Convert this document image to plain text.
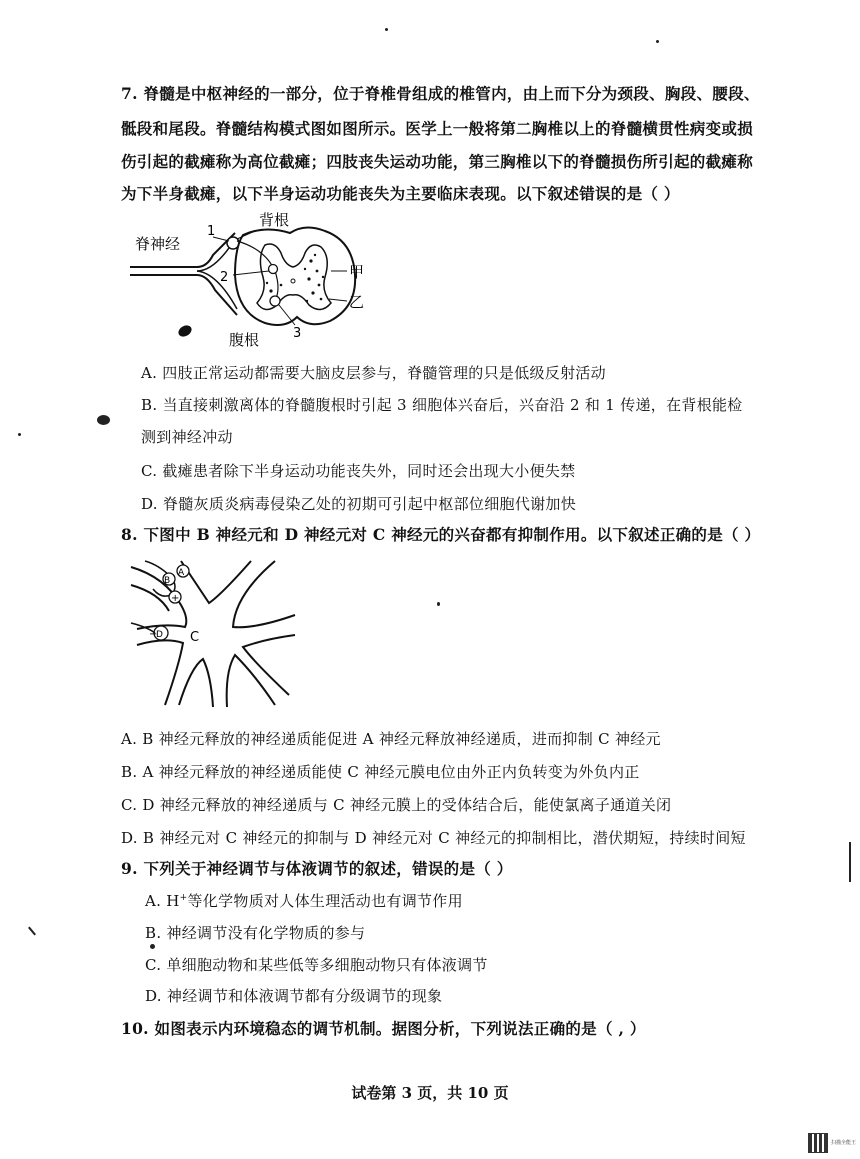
7. 脊髓是中枢神经的一部分，位于脊椎骨组成的椎管内，由上而下分为颈段、胸段、腰段、
骶段和尾段。脊髓结构模式图如图所示。医学上一般将第二胸椎以上的脊髓横贯性病变或损
伤引起的截瘫称为高位截瘫；四肢丧失运动功能，第三胸椎以下的脊髓损伤所引起的截瘫称
为下半身截瘫，以下半身运动功能丧失为主要临床表现。以下叙述错误的是（ ）
脊神经
背根
腹根
甲
乙
1
2
3
A. 四肢正常运动都需要大脑皮层参与，脊髓管理的只是低级反射活动
B. 当直接刺激离体的脊髓腹根时引起 3 细胞体兴奋后，兴奋沿 2 和 1 传递，在背根能检
测到神经冲动
C. 截瘫患者除下半身运动功能丧失外，同时还会出现大小便失禁
D. 脊髓灰质炎病毒侵染乙处的初期可引起中枢部位细胞代谢加快
8. 下图中 B 神经元和 D 神经元对 C 神经元的兴奋都有抑制作用。以下叙述正确的是（ ）
C
A
B
D
+
−
A. B 神经元释放的神经递质能促进 A 神经元释放神经递质，进而抑制 C 神经元
B. A 神经元释放的神经递质能使 C 神经元膜电位由外正内负转变为外负内正
C. D 神经元释放的神经递质与 C 神经元膜上的受体结合后，能使氯离子通道关闭
D. B 神经元对 C 神经元的抑制与 D 神经元对 C 神经元的抑制相比，潜伏期短，持续时间短
9. 下列关于神经调节与体液调节的叙述，错误的是（ ）
A. H+等化学物质对人体生理活动也有调节作用
B. 神经调节没有化学物质的参与
C. 单细胞动物和某些低等多细胞动物只有体液调节
D. 神经调节和体液调节都有分级调节的现象
10. 如图表示内环境稳态的调节机制。据图分析，下列说法正确的是（ , ）
试卷第 3 页，共 10 页
扫描全能王
